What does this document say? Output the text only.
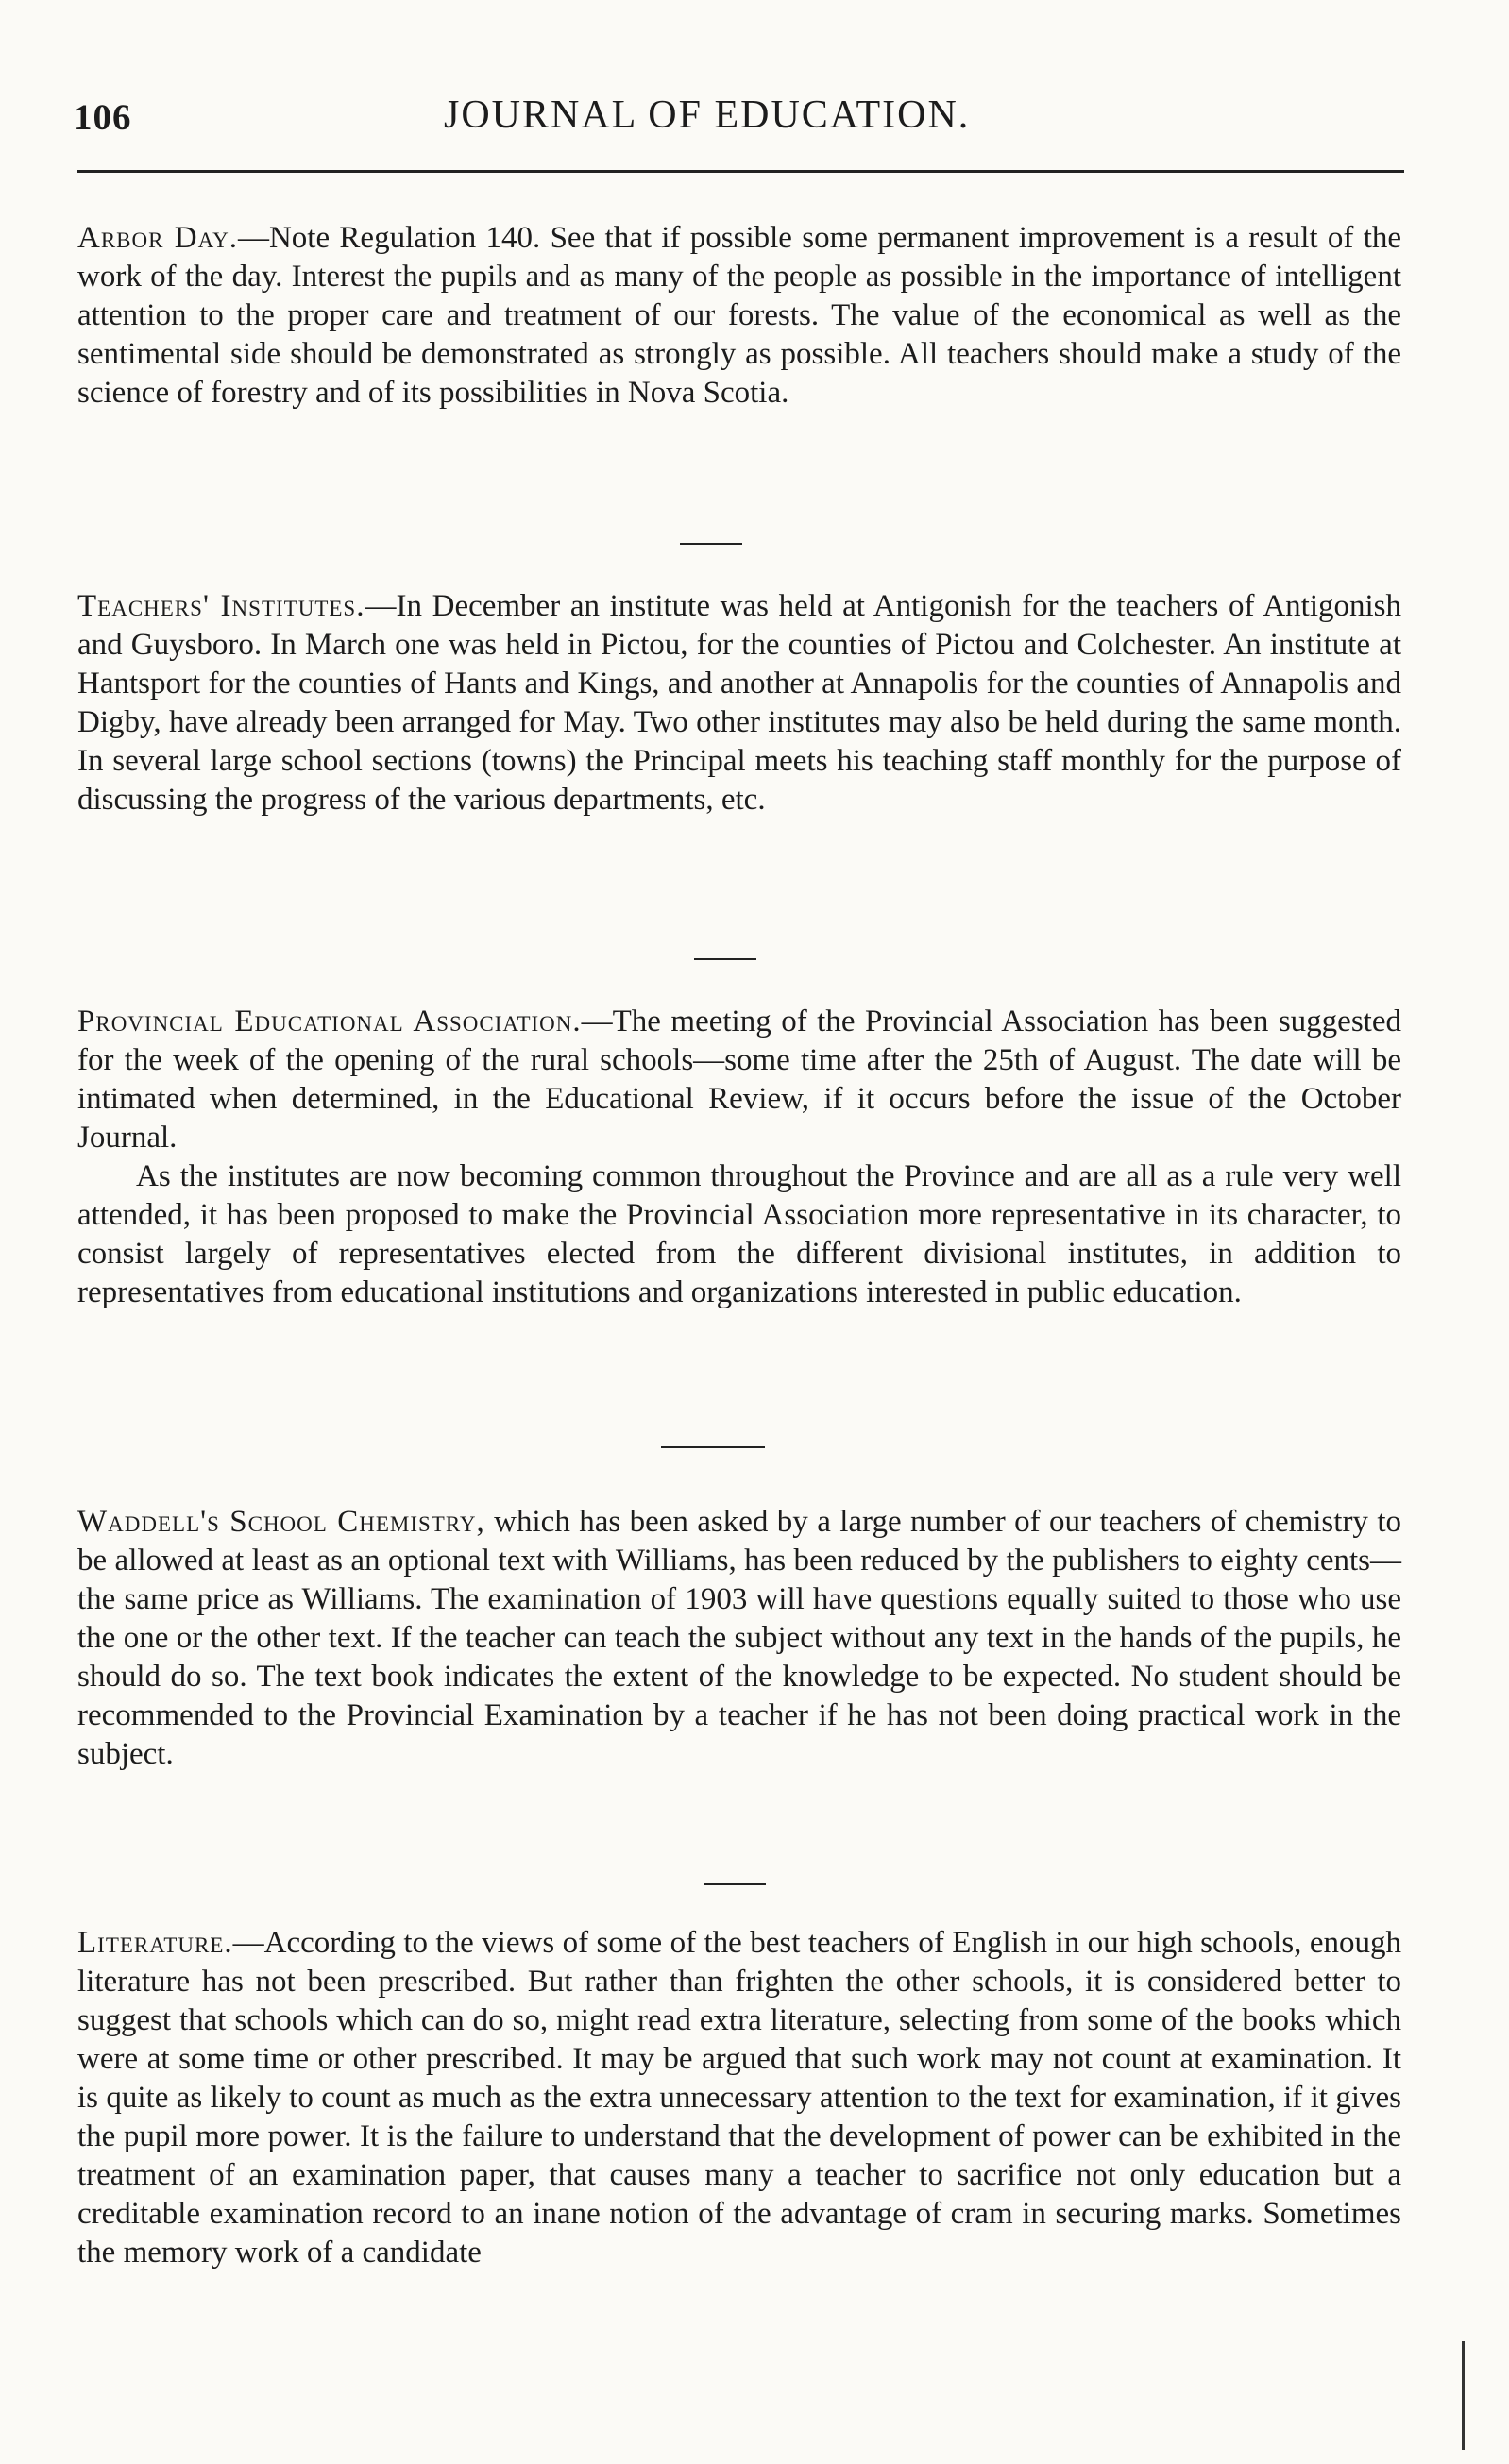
106	JOURNAL OF EDUCATION.

Arbor Day.—Note Regulation 140. See that if possible some permanent improvement is a result of the work of the day. Interest the pupils and as many of the people as possible in the importance of intelligent attention to the proper care and treatment of our forests. The value of the economical as well as the sentimental side should be demonstrated as strongly as possible. All teachers should make a study of the science of forestry and of its possibilities in Nova Scotia.

Teachers' Institutes.—In December an institute was held at Antigonish for the teachers of Antigonish and Guysboro. In March one was held in Pictou, for the counties of Pictou and Colchester. An institute at Hantsport for the counties of Hants and Kings, and another at Annapolis for the counties of Annapolis and Digby, have already been arranged for May. Two other institutes may also be held during the same month. In several large school sections (towns) the Principal meets his teaching staff monthly for the purpose of discussing the progress of the various departments, etc.

Provincial Educational Association.—The meeting of the Provincial Association has been suggested for the week of the opening of the rural schools—some time after the 25th of August. The date will be intimated when determined, in the Educational Review, if it occurs before the issue of the October Journal.

As the institutes are now becoming common throughout the Province and are all as a rule very well attended, it has been proposed to make the Provincial Association more representative in its character, to consist largely of representatives elected from the different divisional institutes, in addition to representatives from educational institutions and organizations interested in public education.

Waddell's School Chemistry, which has been asked by a large number of our teachers of chemistry to be allowed at least as an optional text with Williams, has been reduced by the publishers to eighty cents—the same price as Williams. The examination of 1903 will have questions equally suited to those who use the one or the other text. If the teacher can teach the subject without any text in the hands of the pupils, he should do so. The text book indicates the extent of the knowledge to be expected. No student should be recommended to the Provincial Examination by a teacher if he has not been doing practical work in the subject.

Literature.—According to the views of some of the best teachers of English in our high schools, enough literature has not been prescribed. But rather than frighten the other schools, it is considered better to suggest that schools which can do so, might read extra literature, selecting from some of the books which were at some time or other prescribed. It may be argued that such work may not count at examination. It is quite as likely to count as much as the extra unnecessary attention to the text for examination, if it gives the pupil more power. It is the failure to understand that the development of power can be exhibited in the treatment of an examination paper, that causes many a teacher to sacrifice not only education but a creditable examination record to an inane notion of the advantage of cram in securing marks. Sometimes the memory work of a candidate
